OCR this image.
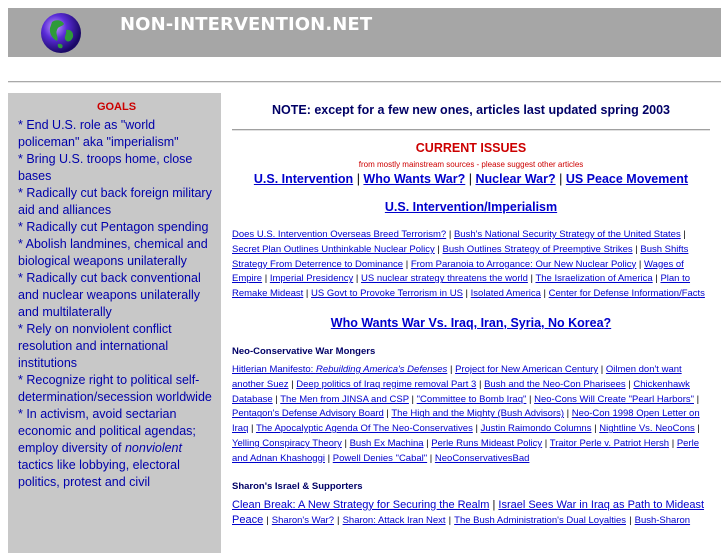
NON-INTERVENTION.NET
GOALS
* End U.S. role as "world policeman" aka "imperialism"
* Bring U.S. troops home, close bases
* Radically cut back foreign military aid and alliances
* Radically cut Pentagon spending
* Abolish landmines, chemical and biological weapons unilaterally
* Radically cut back conventional and nuclear weapons unilaterally and multilaterally
* Rely on nonviolent conflict resolution and international institutions
* Recognize right to political self-determination/secession worldwide
* In activism, avoid sectarian economic and political agendas; employ diversity of nonviolent tactics like lobbying, electoral politics, protest and civil
NOTE: except for a few new ones, articles last updated spring 2003
CURRENT ISSUES
from mostly mainstream sources - please suggest other articles
U.S. Intervention | Who Wants War? | Nuclear War? | US Peace Movement
U.S. Intervention/Imperialism
Does U.S. Intervention Overseas Breed Terrorism? | Bush's National Security Strategy of the United States | Secret Plan Outlines Unthinkable Nuclear Policy | Bush Outlines Strategy of Preemptive Strikes | Bush Shifts Strategy From Deterrence to Dominance | From Paranoia to Arrogance: Our New Nuclear Policy | Wages of Empire | Imperial Presidency | US nuclear strategy threatens the world | The Israelization of America | Plan to Remake Mideast | US Govt to Provoke Terrorism in US | Isolated America | Center for Defense Information/Facts
Who Wants War Vs. Iraq, Iran, Syria, No Korea?
Neo-Conservative War Mongers
Hitlerian Manifesto: Rebuilding America's Defenses | Project for New American Century | Oilmen don't want another Suez | Deep politics of Iraq regime removal Part 3 | Bush and the Neo-Con Pharisees | Chickenhawk Database | The Men from JINSA and CSP | "Committee to Bomb Iraq" | Neo-Cons Will Create "Pearl Harbors" | Pentagon's Defense Advisory Board | The High and the Mighty (Bush Advisors) | Neo-Con 1998 Open Letter on Iraq | The Apocalyptic Agenda Of The Neo-Conservatives | Justin Raimondo Columns | Nightline Vs. NeoCons | Yelling Conspiracy Theory | Bush Ex Machina | Perle Runs Mideast Policy | Traitor Perle v. Patriot Hersh | Perle and Adnan Khashoggi | Powell Denies "Cabal" | NeoConservativesBad
Sharon's Israel & Supporters
Clean Break: A New Strategy for Securing the Realm | Israel Sees War in Iraq as Path to Mideast Peace | Sharon's War? | Sharon: Attack Iran Next | The Bush Administration's Dual Loyalties | Bush-Sharon
